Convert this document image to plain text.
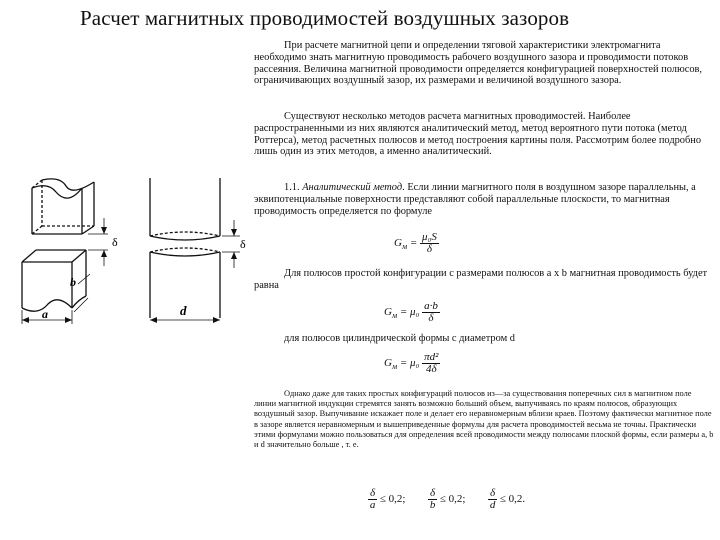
Расчет магнитных проводимостей воздушных зазоров
δ
b
a
δ
d

При расчете магнитной цепи и определении тяговой характеристики электромагнита необходимо знать магнитную проводимость рабочего воздушного зазора и проводимости потоков рассеяния. Величина магнитной проводимости определяется конфигурацией поверхностей полюсов, ограничивающих воздушный зазор, их размерами и величиной воздушного зазора.

Существуют несколько методов расчета магнитных проводимостей. Наиболее распространенными из них являются аналитический метод, метод вероятного пути потока (метод Роттерса), метод расчетных полюсов и метод построения картины поля. Рассмотрим более подробно лишь один из этих методов, а именно аналитический.

1.1. Аналитический метод. Если линии магнитного поля в воздушном зазоре параллельны, а эквипотенциальные поверхности представляют собой параллельные плоскости, то магнитная проводимость определяется по формуле

$G_м = \frac{\text{μ₀S}}{\delta}$

Для полюсов простой конфигурации с размерами полюсов a x b магнитная проводимость будет равна

$G_м = \mu_0 \frac{a\cdot b}{\delta}$

для полюсов цилиндрической формы с диаметром d

$G_м = \mu_0 \frac{\text{πd²}}{4\delta}$

Однако даже для таких простых конфигураций полюсов из—за существования поперечных сил в магнитном поле линии магнитной индукции стремятся занять возможно больший объем, выпучиваясь по краям полюсов, образующих воздушный зазор. Выпучивание искажает поле и делает его неравномерным вблизи краев. Поэтому фактически магнитное поле в зазоре является неравномерным и вышеприведенные формулы для расчета проводимостей весьма не точны. Практически этими формулами можно пользоваться для определения всей проводимости между полюсами плоской формы, если размеры a, b и d значительно больше , т. е.

$\frac{\delta}{a} \le 0,2$; $\frac{\delta}{b} \le 0,2$; $\frac{\delta}{d} \le 0,2$.
